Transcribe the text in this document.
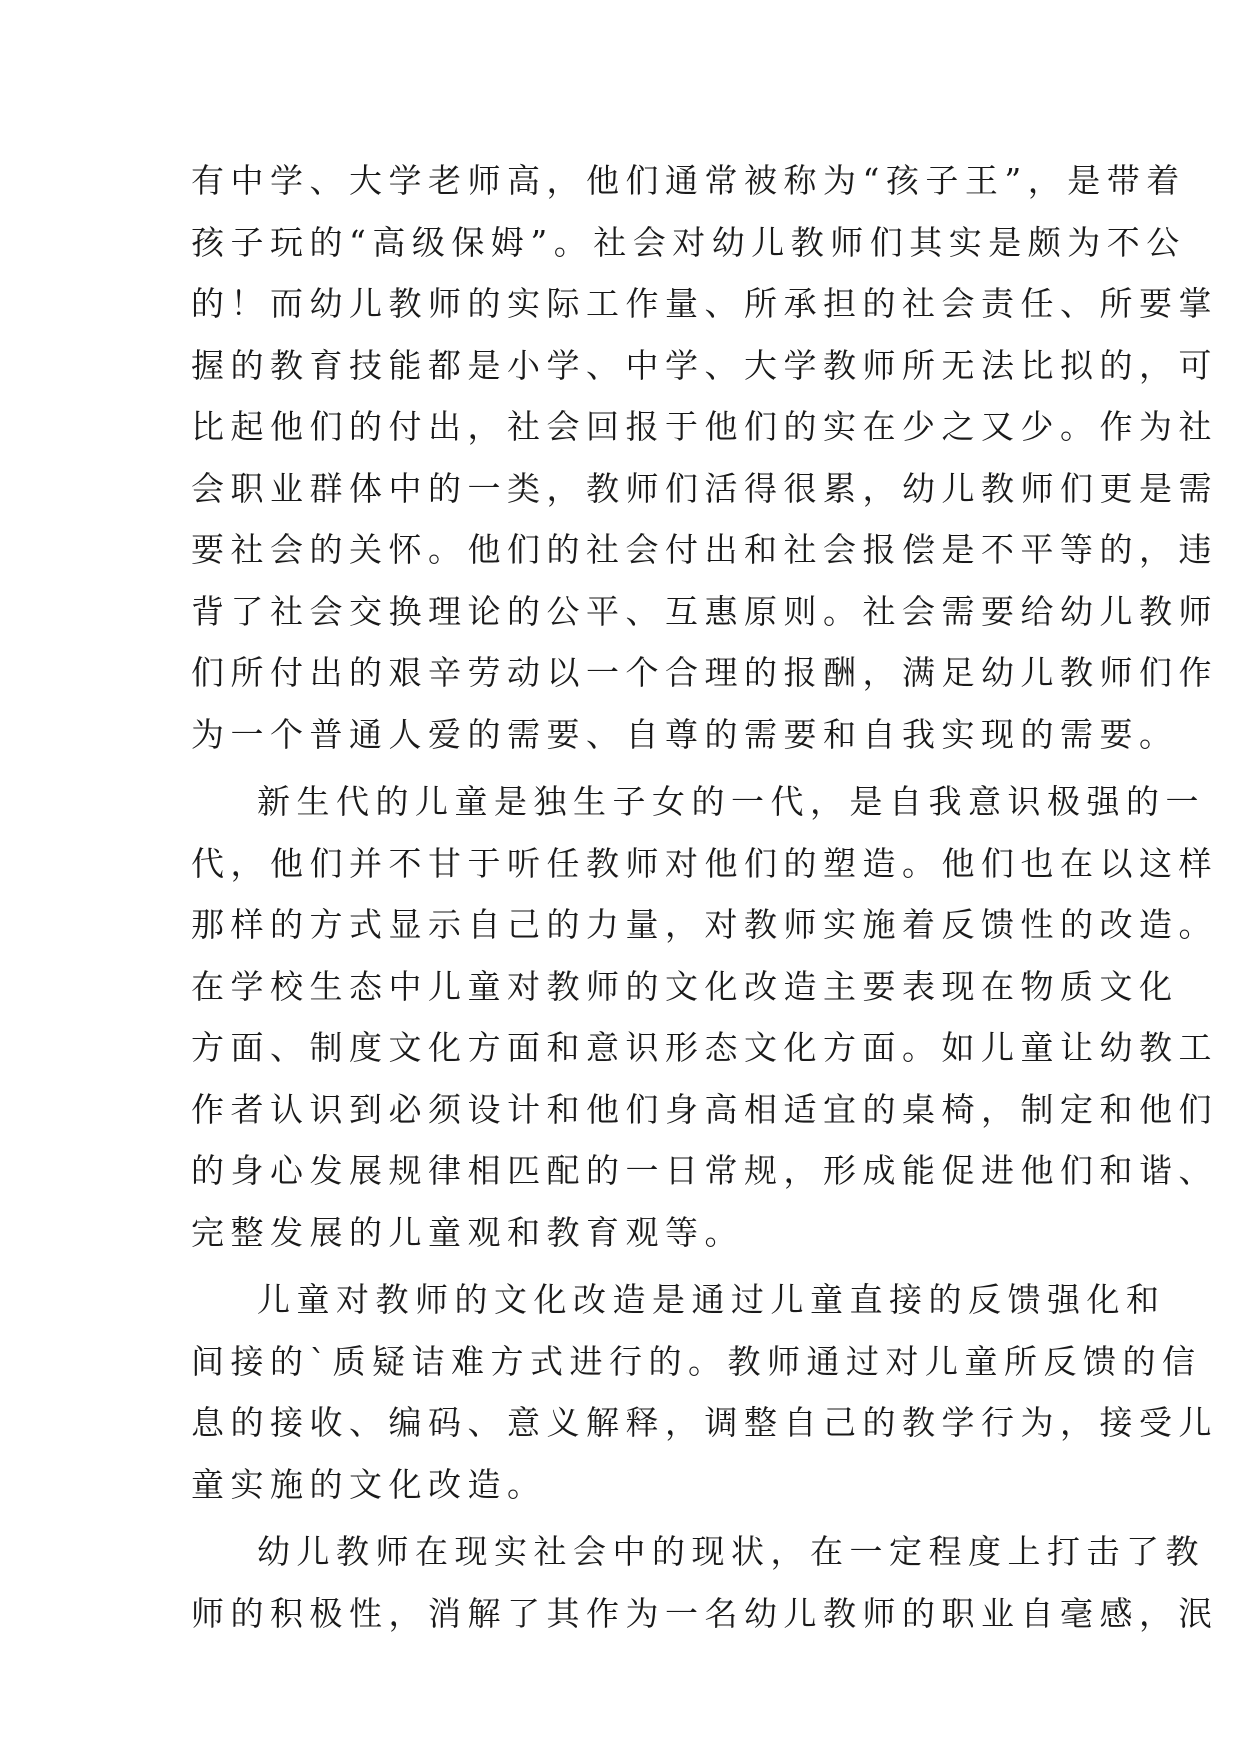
有中学、大学老师高，他们通常被称为“孩子王”，是带着
孩子玩的“高级保姆”。社会对幼儿教师们其实是颇为不公
的！而幼儿教师的实际工作量、所承担的社会责任、所要掌
握的教育技能都是小学、中学、大学教师所无法比拟的，可
比起他们的付出，社会回报于他们的实在少之又少。作为社
会职业群体中的一类，教师们活得很累，幼儿教师们更是需
要社会的关怀。他们的社会付出和社会报偿是不平等的，违
背了社会交换理论的公平、互惠原则。社会需要给幼儿教师
们所付出的艰辛劳动以一个合理的报酬，满足幼儿教师们作
为一个普通人爱的需要、自尊的需要和自我实现的需要。
新生代的儿童是独生子女的一代，是自我意识极强的一
代，他们并不甘于听任教师对他们的塑造。他们也在以这样
那样的方式显示自己的力量，对教师实施着反馈性的改造。
在学校生态中儿童对教师的文化改造主要表现在物质文化
方面、制度文化方面和意识形态文化方面。如儿童让幼教工
作者认识到必须设计和他们身高相适宜的桌椅，制定和他们
的身心发展规律相匹配的一日常规，形成能促进他们和谐、
完整发展的儿童观和教育观等。
儿童对教师的文化改造是通过儿童直接的反馈强化和
间接的`质疑诘难方式进行的。教师通过对儿童所反馈的信
息的接收、编码、意义解释，调整自己的教学行为，接受儿
童实施的文化改造。
幼儿教师在现实社会中的现状，在一定程度上打击了教
师的积极性，消解了其作为一名幼儿教师的职业自毫感，泯
